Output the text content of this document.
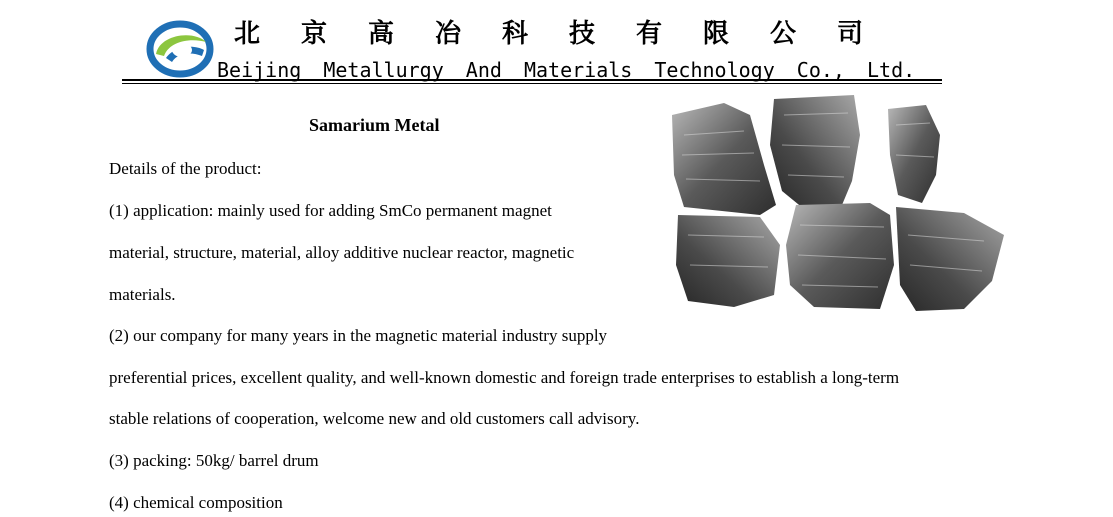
北京高冶科技有限公司
Beijing Metallurgy And Materials Technology Co., Ltd.
Samarium Metal
Details of the product:
(1) application: mainly used for adding SmCo permanent magnet
material, structure, material, alloy additive nuclear reactor, magnetic
materials.
(2) our company for many years in the magnetic material industry supply
preferential prices, excellent quality, and well-known domestic and foreign trade enterprises to establish a long-term
stable relations of cooperation, welcome new and old customers call advisory.
(3) packing: 50kg/ barrel drum
(4) chemical composition
